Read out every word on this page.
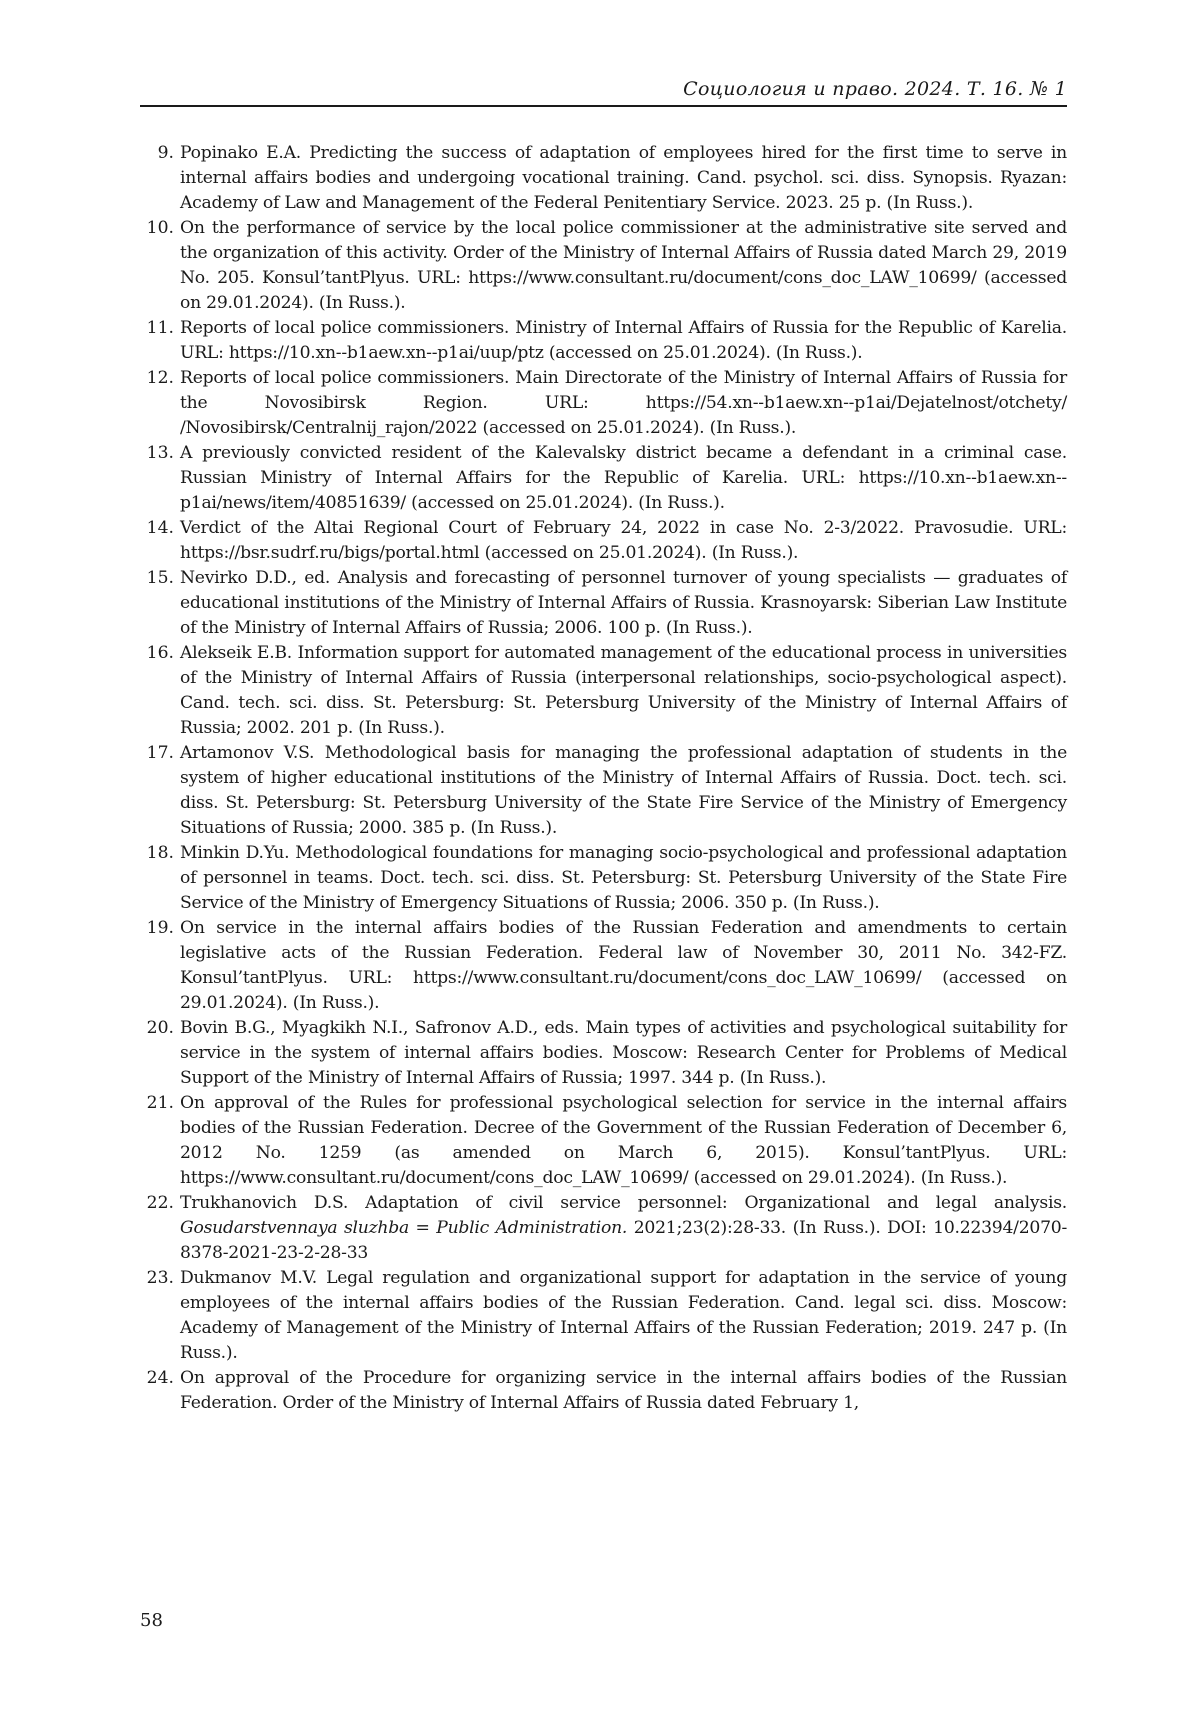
Социология и право. 2024. Т. 16. № 1
9. Popinako E.A. Predicting the success of adaptation of employees hired for the first time to serve in internal affairs bodies and undergoing vocational training. Cand. psychol. sci. diss. Synopsis. Ryazan: Academy of Law and Management of the Federal Penitentiary Service. 2023. 25 p. (In Russ.).
10. On the performance of service by the local police commissioner at the administrative site served and the organization of this activity. Order of the Ministry of Internal Affairs of Russia dated March 29, 2019 No. 205. Konsul’tantPlyus. URL: https://www.consultant.ru/document/cons_doc_LAW_10699/ (accessed on 29.01.2024). (In Russ.).
11. Reports of local police commissioners. Ministry of Internal Affairs of Russia for the Republic of Karelia. URL: https://10.xn--b1aew.xn--p1ai/uup/ptz (accessed on 25.01.2024). (In Russ.).
12. Reports of local police commissioners. Main Directorate of the Ministry of Internal Affairs of Russia for the Novosibirsk Region. URL: https://54.xn--b1aew.xn--p1ai/Dejatelnost/otchety/ /Novosibirsk/Centralnij_rajon/2022 (accessed on 25.01.2024). (In Russ.).
13. A previously convicted resident of the Kalevalsky district became a defendant in a criminal case. Russian Ministry of Internal Affairs for the Republic of Karelia. URL: https://10.xn--b1aew.xn--p1ai/news/item/40851639/ (accessed on 25.01.2024). (In Russ.).
14. Verdict of the Altai Regional Court of February 24, 2022 in case No. 2-3/2022. Pravosudie. URL: https://bsr.sudrf.ru/bigs/portal.html (accessed on 25.01.2024). (In Russ.).
15. Nevirko D.D., ed. Analysis and forecasting of personnel turnover of young specialists — graduates of educational institutions of the Ministry of Internal Affairs of Russia. Krasnoyarsk: Siberian Law Institute of the Ministry of Internal Affairs of Russia; 2006. 100 p. (In Russ.).
16. Alekseik E.B. Information support for automated management of the educational process in universities of the Ministry of Internal Affairs of Russia (interpersonal relationships, socio-psychological aspect). Cand. tech. sci. diss. St. Petersburg: St. Petersburg University of the Ministry of Internal Affairs of Russia; 2002. 201 p. (In Russ.).
17. Artamonov V.S. Methodological basis for managing the professional adaptation of students in the system of higher educational institutions of the Ministry of Internal Affairs of Russia. Doct. tech. sci. diss. St. Petersburg: St. Petersburg University of the State Fire Service of the Ministry of Emergency Situations of Russia; 2000. 385 p. (In Russ.).
18. Minkin D.Yu. Methodological foundations for managing socio-psychological and professional adaptation of personnel in teams. Doct. tech. sci. diss. St. Petersburg: St. Petersburg University of the State Fire Service of the Ministry of Emergency Situations of Russia; 2006. 350 p. (In Russ.).
19. On service in the internal affairs bodies of the Russian Federation and amendments to certain legislative acts of the Russian Federation. Federal law of November 30, 2011 No. 342-FZ. Konsul’tantPlyus. URL: https://www.consultant.ru/document/cons_doc_LAW_10699/ (accessed on 29.01.2024). (In Russ.).
20. Bovin B.G., Myagkikh N.I., Safronov A.D., eds. Main types of activities and psychological suitability for service in the system of internal affairs bodies. Moscow: Research Center for Problems of Medical Support of the Ministry of Internal Affairs of Russia; 1997. 344 p. (In Russ.).
21. On approval of the Rules for professional psychological selection for service in the internal affairs bodies of the Russian Federation. Decree of the Government of the Russian Federation of December 6, 2012 No. 1259 (as amended on March 6, 2015). Konsul’tantPlyus. URL: https://www.consultant.ru/document/cons_doc_LAW_10699/ (accessed on 29.01.2024). (In Russ.).
22. Trukhanovich D.S. Adaptation of civil service personnel: Organizational and legal analysis. Gosudarstvennaya sluzhba = Public Administration. 2021;23(2):28-33. (In Russ.). DOI: 10.22394/2070-8378-2021-23-2-28-33
23. Dukmanov M.V. Legal regulation and organizational support for adaptation in the service of young employees of the internal affairs bodies of the Russian Federation. Cand. legal sci. diss. Moscow: Academy of Management of the Ministry of Internal Affairs of the Russian Federation; 2019. 247 p. (In Russ.).
24. On approval of the Procedure for organizing service in the internal affairs bodies of the Russian Federation. Order of the Ministry of Internal Affairs of Russia dated February 1,
58
